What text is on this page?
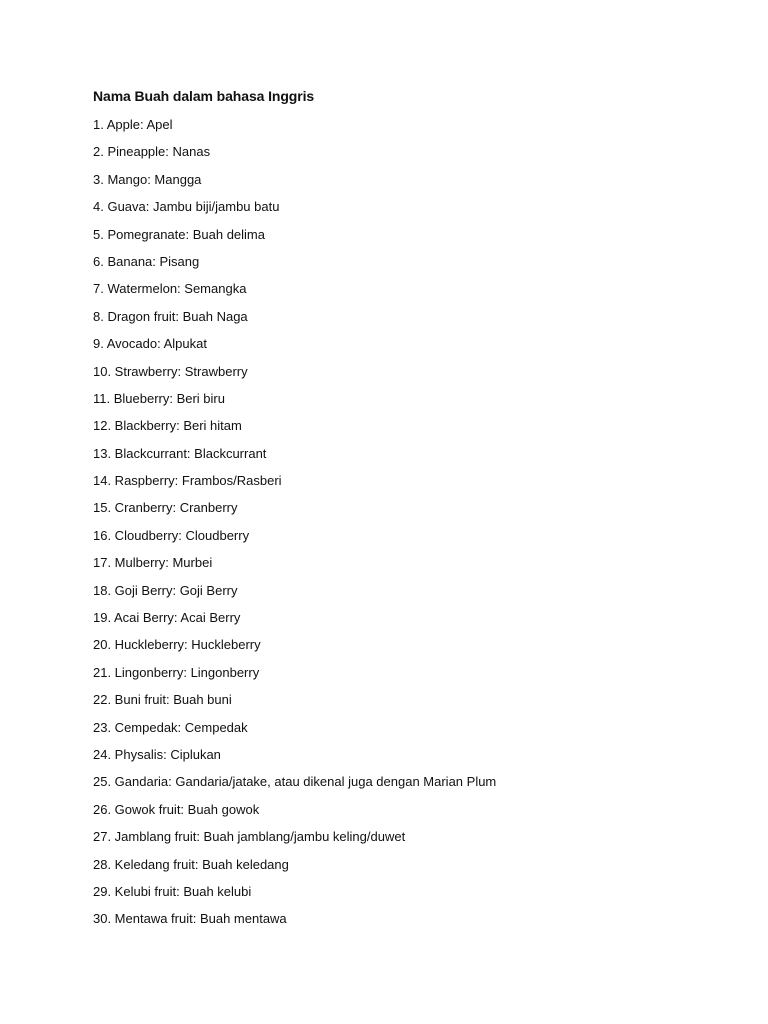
Nama Buah dalam bahasa Inggris
1. Apple: Apel
2. Pineapple: Nanas
3. Mango: Mangga
4. Guava: Jambu biji/jambu batu
5. Pomegranate: Buah delima
6. Banana: Pisang
7. Watermelon: Semangka
8. Dragon fruit: Buah Naga
9. Avocado: Alpukat
10. Strawberry: Strawberry
11. Blueberry: Beri biru
12. Blackberry: Beri hitam
13. Blackcurrant: Blackcurrant
14. Raspberry: Frambos/Rasberi
15. Cranberry: Cranberry
16. Cloudberry: Cloudberry
17. Mulberry: Murbei
18. Goji Berry: Goji Berry
19. Acai Berry: Acai Berry
20. Huckleberry: Huckleberry
21. Lingonberry: Lingonberry
22. Buni fruit: Buah buni
23. Cempedak: Cempedak
24. Physalis: Ciplukan
25. Gandaria: Gandaria/jatake, atau dikenal juga dengan Marian Plum
26. Gowok fruit: Buah gowok
27. Jamblang fruit: Buah jamblang/jambu keling/duwet
28. Keledang fruit: Buah keledang
29. Kelubi fruit: Buah kelubi
30. Mentawa fruit: Buah mentawa
